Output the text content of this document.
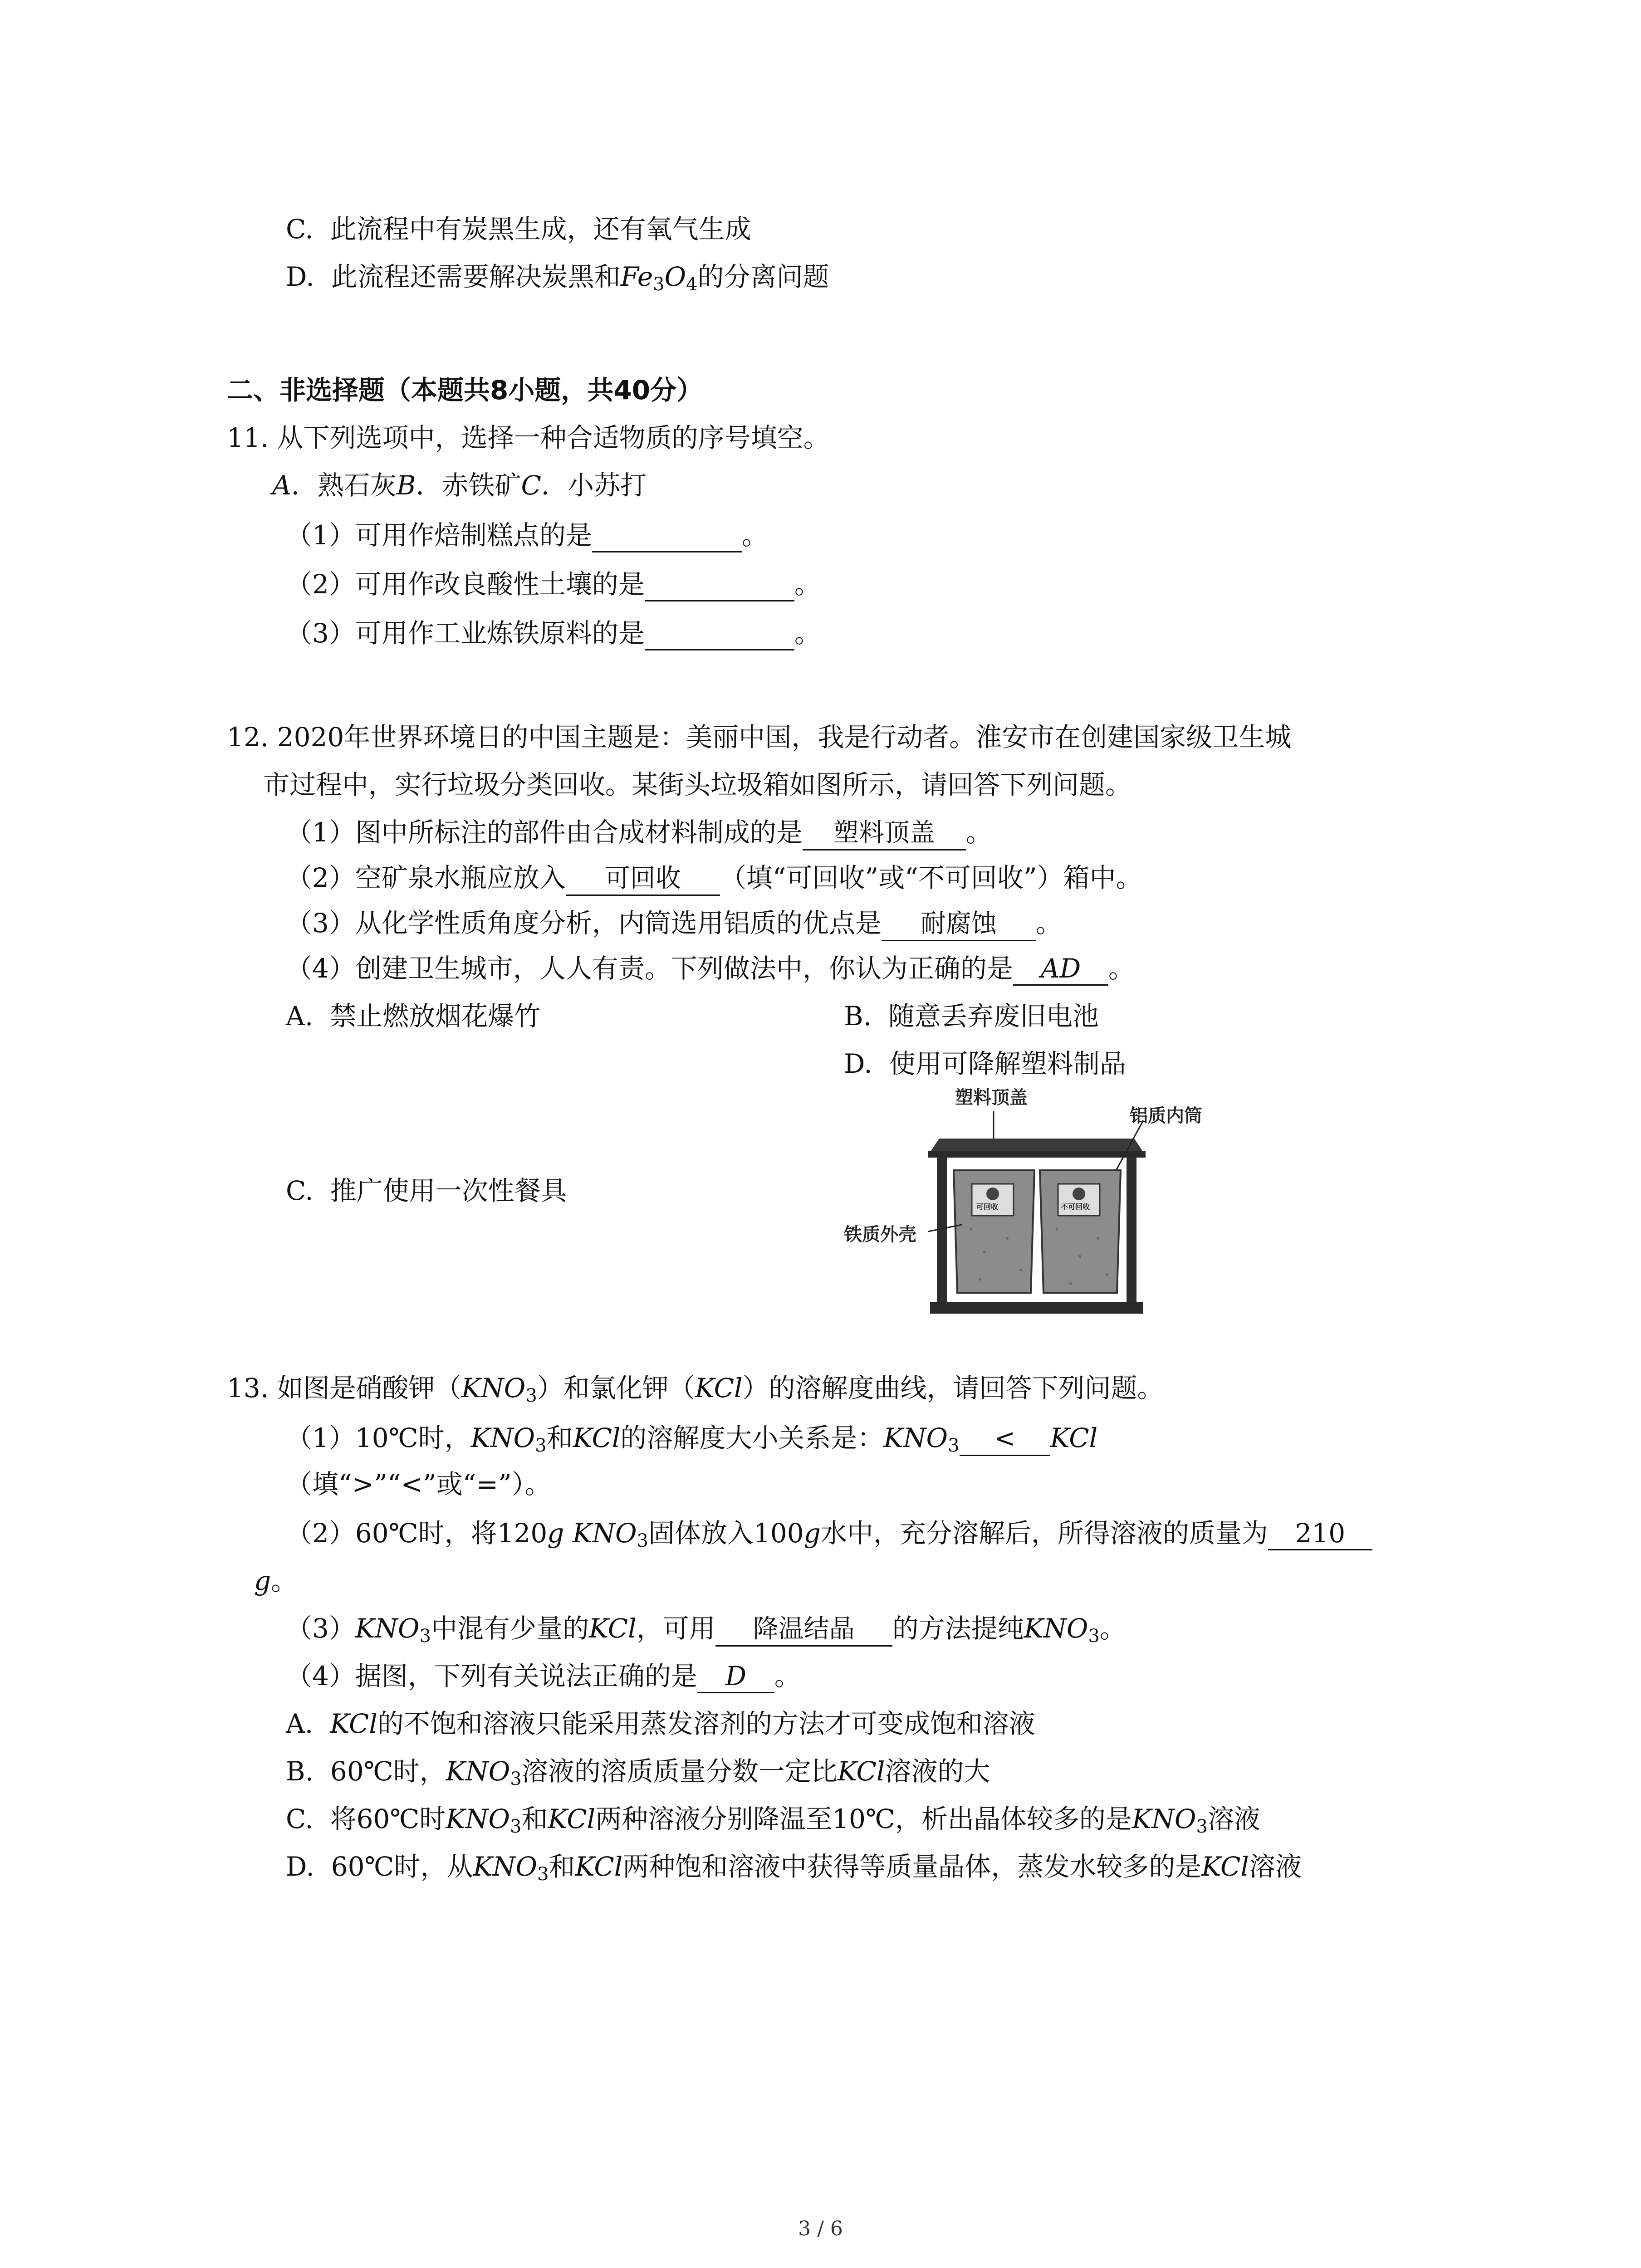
C.  此流程中有炭黑生成，还有氧气生成
D.  此流程还需要解决炭黑和$Fe_3O_4$的分离问题
二、非选择题（本题共8小题，共40分）
11. 从下列选项中，选择一种合适物质的序号填空。
A．熟石灰B．赤铁矿C．小苏打
（1）可用作焙制糕点的是	。
（2）可用作改良酸性土壤的是	。
（3）可用作工业炼铁原料的是	。
12. 2020年世界环境日的中国主题是：美丽中国，我是行动者。淮安市在创建国家级卫生城
市过程中，实行垃圾分类回收。某街头垃圾箱如图所示，请回答下列问题。
（1）图中所标注的部件由合成材料制成的是 塑料顶盖 。
（2）空矿泉水瓶应放入 可回收 （填“可回收”或“不可回收”）箱中。
（3）从化学性质角度分析，内筒选用铝质的优点是 耐腐蚀 。
（4）创建卫生城市，人人有责。下列做法中，你认为正确的是 AD 。
A.  禁止燃放烟花爆竹	B.  随意丢弃废旧电池
D.  使用可降解塑料制品
C.  推广使用一次性餐具
塑料顶盖
铝质内筒
铁质外壳
可回收	不可回收
13. 如图是硝酸钾$(KNO_3)$和氯化钾（KCl）的溶解度曲线，请回答下列问题。
（1）10℃时，$KNO_3$和KCl的溶解度大小关系是：$KNO_3$ < KCl
（填“>”“<”或“=”）。
（2）60℃时，将120g $KNO_3$固体放入100g水中，充分溶解后，所得溶液的质量为 210
g。
$(3)KNO_3$中混有少量的KCl，可用 降温结晶 的方法提纯$KNO_3$。
（4）据图，下列有关说法正确的是 D 。
A.  KCl的不饱和溶液只能采用蒸发溶剂的方法才可变成饱和溶液
B.  60℃时，$KNO_3$溶液的溶质质量分数一定比KCl溶液的大
C.  将60℃时$KNO_3$和KCl两种溶液分别降温至10℃，析出晶体较多的是$KNO_3$溶液
D.  60℃时，从$KNO_3$和KCl两种饱和溶液中获得等质量晶体，蒸发水较多的是KCl溶液
3 / 6
